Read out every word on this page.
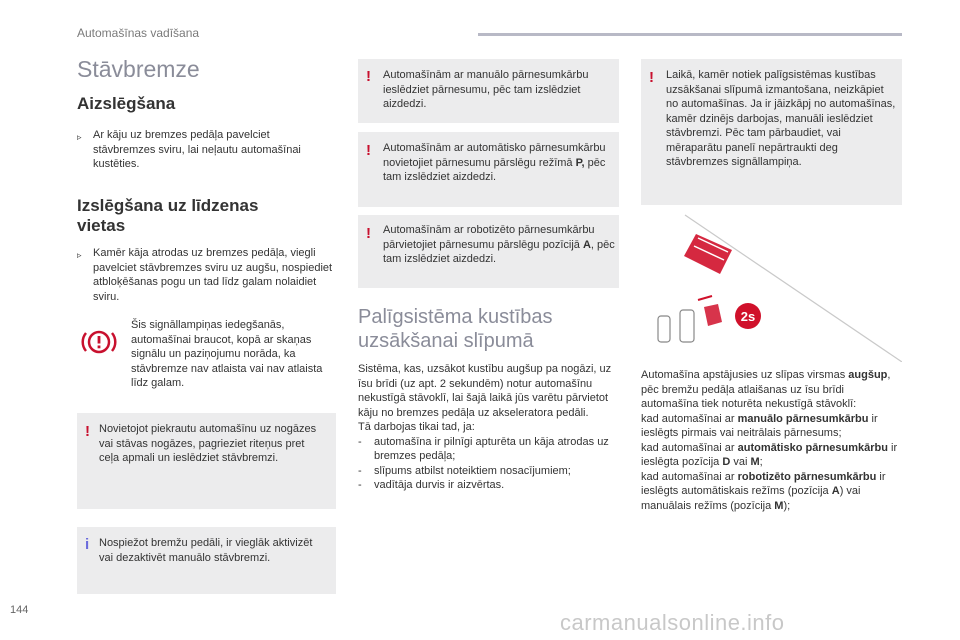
Automašīnas vadīšana
Stāvbremze
Aizslēgšana
▹	Ar kāju uz bremzes pedāļa pavelciet stāvbremzes sviru, lai neļautu automašīnai kustēties.
Izslēgšana uz līdzenas
vietas
▹	Kamēr kāja atrodas uz bremzes pedāļa, viegli pavelciet stāvbremzes sviru uz augšu, nospiediet atbloķēšanas pogu un tad līdz galam nolaidiet sviru.
Šis signāllampiņas iedegšanās, automašīnai braucot, kopā ar skaņas signālu un paziņojumu norāda, ka stāvbremze nav atlaista vai nav atlaista līdz galam.
! Novietojot piekrautu automašīnu uz nogāzes vai stāvas nogāzes, pagrieziet riteņus pret ceļa apmali un ieslēdziet stāvbremzi.
i Nospiežot bremžu pedāli, ir vieglāk aktivizēt vai dezaktivēt manuālo stāvbremzi.
! Automašīnām ar manuālo pārnesumkārbu ieslēdziet pārnesumu, pēc tam izslēdziet aizdedzi.
! Automašīnām ar automātisko pārnesumkārbu novietojiet pārnesumu pārslēgu režīmā P, pēc tam izslēdziet aizdedzi.
! Automašīnām ar robotizēto pārnesumkārbu pārvietojiet pārnesumu pārslēgu pozīcijā A, pēc tam izslēdziet aizdedzi.
Palīgsistēma kustības
uzsākšanai slīpumā
Sistēma, kas, uzsākot kustību augšup pa nogāzi, uz īsu brīdi (uz apt. 2 sekundēm) notur automašīnu nekustīgā stāvoklī, lai šajā laikā jūs varētu pārvietot kāju no bremzes pedāļa uz akseleratora pedāli.
Tā darbojas tikai tad, ja:
-	automašīna ir pilnīgi apturēta un kāja atrodas uz bremzes pedāļa;
-	slīpums atbilst noteiktiem nosacījumiem;
-	vadītāja durvis ir aizvērtas.
! Laikā, kamēr notiek palīgsistēmas kustības uzsākšanai slīpumā izmantošana, neizkāpiet no automašīnas. Ja ir jāizkāpj no automašīnas, kamēr dzinējs darbojas, manuāli ieslēdziet stāvbremzi. Pēc tam pārbaudiet, vai mēraparātu panelī nepārtraukti deg stāvbremzes signāllampiņa.
2s
Automašīna apstājusies uz slīpas virsmas augšup, pēc bremžu pedāļa atlaišanas uz īsu brīdi automašīna tiek noturēta nekustīgā stāvoklī:
kad automašīnai ar manuālo pārnesumkārbu ir ieslēgts pirmais vai neitrālais pārnesums;
kad automašīnai ar automātisko pārnesumkārbu ir ieslēgta pozīcija D vai M;
kad automašīnai ar robotizēto pārnesumkārbu ir ieslēgts automātiskais režīms (pozīcija A) vai manuālais režīms (pozīcija M);
144	carmanualsonline.info
